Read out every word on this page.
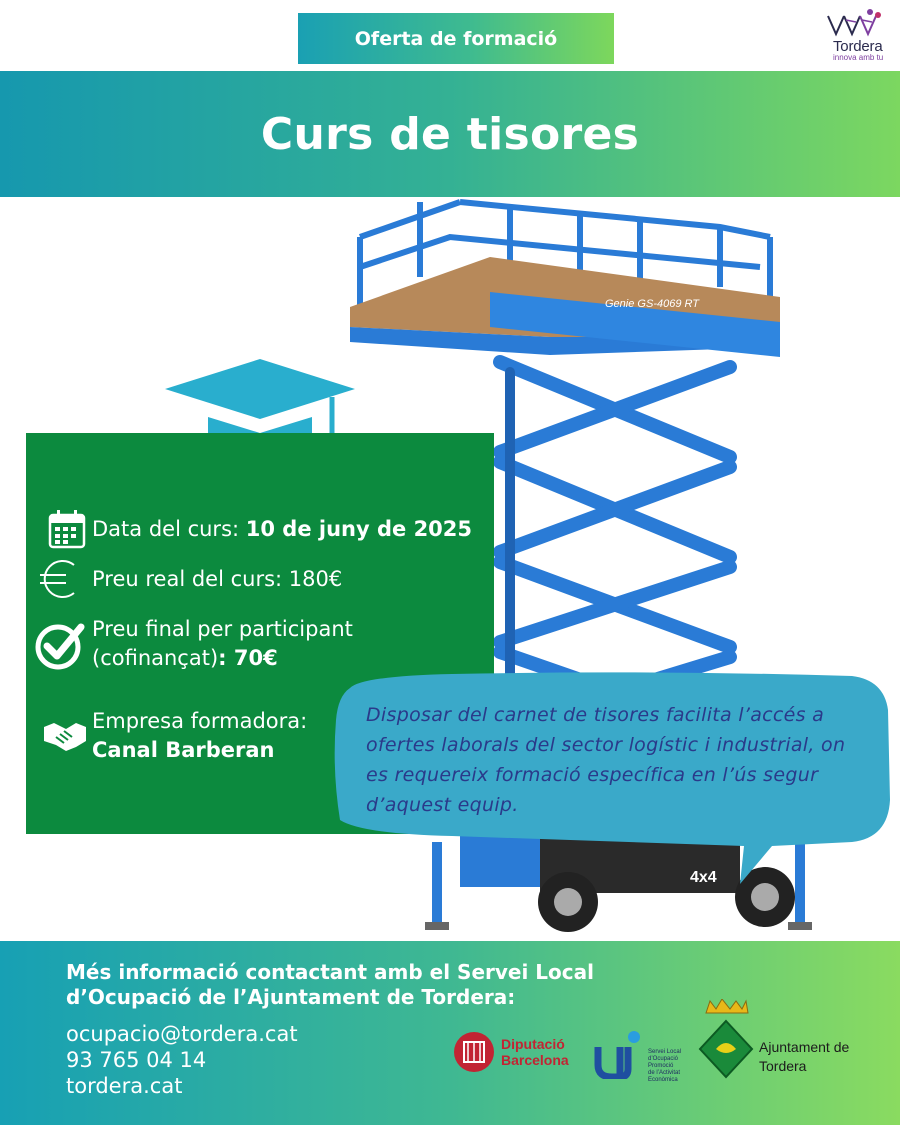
Oferta de formació	Tordera
innova amb tu
Curs de tisores
Genie GS-4069 RT
4x4
Data del curs: 10 de juny de 2025
Preu real del curs: 180€
Preu final per participant
(cofinançat): 70€
Empresa formadora:
Canal Barberan
Disposar del carnet de tisores facilita l’accés a ofertes laborals del sector logístic i industrial, on es requereix formació específica en l’ús segur d’aquest equip.
Més informació contactant amb el Servei Local d’Ocupació de l’Ajuntament de Tordera:
ocupacio@tordera.cat
93 765 04 14
tordera.cat
Diputació
Barcelona	Servei Local
d’Ocupació
Promoció
de l’Activitat
Econòmica
Ajuntament de
Tordera
